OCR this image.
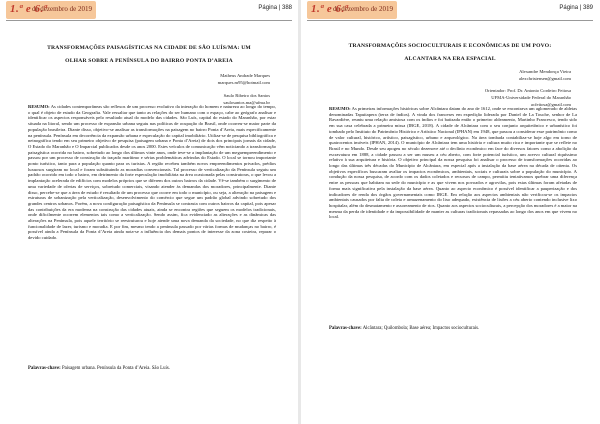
1.ª e 6.ª
de dezembro de 2019	Página | 388
TRANSFORMAÇÕES PAISAGÍSTICAS NA CIDADE DE SÃO LUÍS/MA: UM
OLHAR SOBRE A PENÍNSULA DO BAIRRO PONTA D’AREIA
Matheus Andrade Marques
marques.m95@hotmail.com
Saulo Ribeiro dos Santos
saulosantos.ma@ufma.br
RESUMO: As cidades contemporâneas são reflexos de um processo evolutivo da interação do homem e natureza ao longo do tempo, o qual é objeto de estudo da Geografia. Vale ressaltar que tanto as relações do ser humano com o espaço, cabe ao geógrafo analisar e identificar os aspectos responsáveis pelo resultado atual do modelo das cidades. São Luís, capital do estado do Maranhão, por estar situada na litoral, sendo um processo de expansão urbana seguiu nas políticas de ocupação do Brasil, onde ocorreu-se maior parte da população brasileira. Diante disso, objetivo-se analisar as transformações na paisagem no bairro Ponta d’Areia, mais especificamente na península. Península em decorrência da expansão urbana e especulação do capital imobiliário. Utiliza-se de pesquisa bibliográfica e netnográfica tendo em seu primeiro objetivo de pesquisa (paisagem urbana e Ponta d’Areia) de dois dos principais jornais da cidade, O Estado do Maranhão e O Imparcial publicados desde os anos 2000. Estes veículos de comunicação vêm noticiando a transformação paisagística ocorrida no bairro, sobretudo ao longo dos últimos vinte anos, onde teve-se a implantação de um megaempreendimento e passou por um processo de construção do traçado marítimo e sérias problemáticas advindas do Estado. O local se tornou importante ponto turístico, tanto para a população quanto para os turistas. A região recebeu também novos empreendimentos privados, prédios luxuosos surgiram no local e foram substituindo as moradias convencionais. Tal processo de verticalização da Península seguiu um padrão ocorrido em todo o bairro, em detrimento da forte especulação imobiliária na área ocasionada pelas construtoras, o que levou a implantação acelerada de edifícios com modelos próprios que se diferem dos outros bairros da cidade. Vê-se também o surgimento de uma variedade de ofertas de serviços, sobretudo comerciais, visando atender às demandas dos moradores, principalmente. Diante disso, percebe-se que a área de estudo é resultado de um processo que ocorre em todo o município, ou seja, a alteração na paisagem e estruturas de urbanização pela verticalização, desenvolvimento do comércio que segue um padrão global advindo sobretudo dos grandes centros urbanos. Porém, a nova configuração paisagística da Península se contrasta com outros bairros da capital, pois apesar das contribuições da era moderna na construção das cidades atuais, ainda se encontra regiões que seguem os modelos tradicionais, onde dificilmente ocorrem elementos tais como a verticalização. Sendo assim, fica evidenciado as alterações e as dinâmicas das alterações na Península, pois aquele território se reestruturou e hoje atende uma nova demanda da sociedade, no que diz respeito à funcionalidade de lazer, turismo e moradia. E por fim, mesmo tendo a península passado por várias formas de mudanças no bairro, é possível ainda a Península da Ponta d’Areia ainda nota-se a influência dos demais pontos de interesse da zona costeira, reparar o devido cuidado.
Palavras-chave: Paisagem urbana. Península da Ponta d’Areia. São Luís.
1.ª e 6.ª
de dezembro de 2019	Página | 389
TRANSFORMAÇÕES SOCIOCULTURAIS E ECONÔMICAS DE UM POVO:
ALCANTARA NA ERA ESPACIAL
Alexandre Mendonça Vieira
alexchristensen@gmail.com
Orientador: Prof. Dr. Antonio Cordeiro Feitosa
UFMA-Universidade Federal do Maranhão
acfeitosa@gmail.com
RESUMO: As primeiras informações históricas sobre Alcântara datam do ano de 1612, onde se encontrava um aglomerado de aldeias denominadas Tapuitapera (terra de índios). A vinda dos franceses em expedição liderada por Daniel de La Touche, senhor de La Ravardière, reuniu uma relação amistosa com os índios e foi batizada então o primeiro aldeamento, Martinho Francesco, tendo sido em sua casa celebrada a primeira missa (IBGE, 2018). A cidade de Alcântara com o seu conjunto arquitetônico e urbanístico foi tombado pelo Instituto do Patrimônio Histórico e Artístico Nacional (IPHAN) em 1948, que passou a considerar esse patrimônio como de valor cultural, histórico, artístico, paisagístico, urbano e arqueológico. Na área tombada contabiliza-se hoje algo em torno de quatrocentos imóveis (IPHAN, 2014). O município de Alcântara tem uma história e cultura muito rica e importante que se reflete no Brasil e no Mundo. Desde seu apogeu no século dezenove até o declínio econômico em face do diversos fatores como a abolição da escravatura em 1888, a cidade passou a ser um museu a céu aberto, com forte potencial turístico, um acervo cultural riquíssimo relativo à sua arquitetura e história. O objetivo principal da nossa pesquisa foi analisar o processo de transformações ocorridas ao longo das últimas três décadas do Município de Alcântara, em especial após a instalação da base aérea na década de oitenta. Os objetivos específicos buscaram avaliar os impactos econômicos, ambientais, sociais e culturais sobre a população do município. A condução da nossa pesquisa, de acordo com os dados coletados e recursos de campo, permitiu tentativamos quebrar uma diferença entre as pessoas que habitam na sede do município e as que vivem nos povoados e agrovilas, pois estas últimas foram afetadas de forma mais significativa pela instalação da base aérea. Quanto ao aspecto econômico é possível identificar a pauperização e dos indicadores de renda dos órgãos governamentais como IBGE. Em relação aos aspectos ambientais não verificou-se os impactos ambientais causados por falta de coleta e armazenamento do lixo adequado, existência de lixões a céu aberto contendo inclusive lixo hospitalar, além do desmatamento e assoreamento de rios. Quanto aos aspectos socioculturais, a percepção dos moradores é a maior na mesma da perda de identidade e da impossibilidade de manter as culturas tradicionais repassadas ao longo dos anos em que vivem no local.
Palavras-chave: Alcântara; Quilombola; Base aérea; Impactos socioculturais.
